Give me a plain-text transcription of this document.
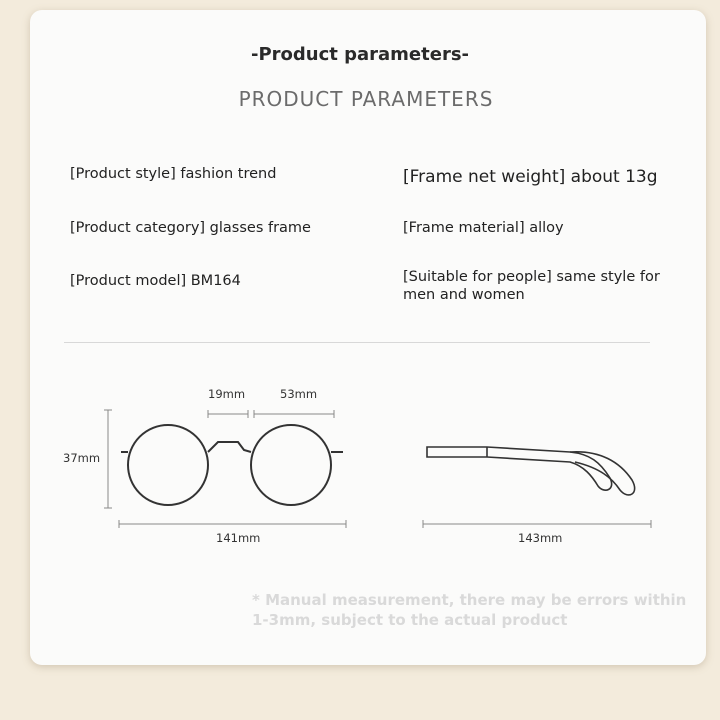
-Product parameters-
PRODUCT PARAMETERS
[Product style] fashion trend
[Product category] glasses frame
[Product model] BM164
[Frame net weight] about 13g
[Frame material] alloy
[Suitable for people] same style for men and women
19mm	53mm
37mm
141mm	143mm
* Manual measurement, there may be errors within 1-3mm, subject to the actual product
